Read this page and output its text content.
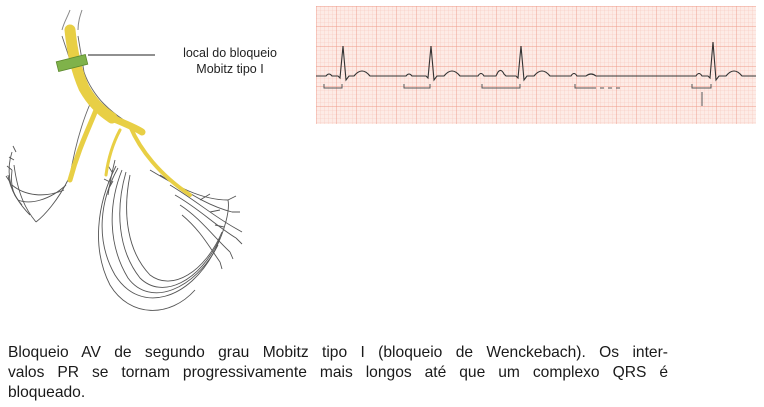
local do bloqueio
Mobitz tipo I
Bloqueio AV de segundo grau Mobitz tipo I (bloqueio de Wenckebach). Os inter-
valos PR se tornam progressivamente mais longos até que um complexo QRS é
bloqueado.
